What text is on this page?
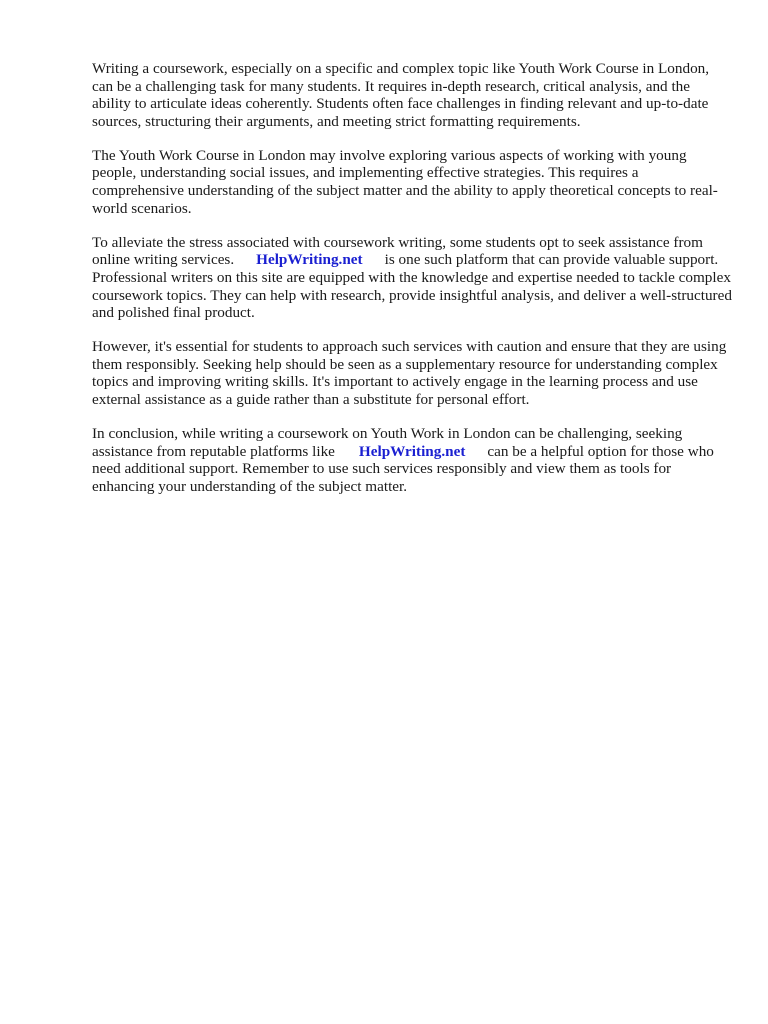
Writing a coursework, especially on a specific and complex topic like Youth Work Course in London, can be a challenging task for many students. It requires in-depth research, critical analysis, and the ability to articulate ideas coherently. Students often face challenges in finding relevant and up-to-date sources, structuring their arguments, and meeting strict formatting requirements.

The Youth Work Course in London may involve exploring various aspects of working with young people, understanding social issues, and implementing effective strategies. This requires a comprehensive understanding of the subject matter and the ability to apply theoretical concepts to real-world scenarios.

To alleviate the stress associated with coursework writing, some students opt to seek assistance from online writing services. HelpWriting.net is one such platform that can provide valuable support. Professional writers on this site are equipped with the knowledge and expertise needed to tackle complex coursework topics. They can help with research, provide insightful analysis, and deliver a well-structured and polished final product.

However, it's essential for students to approach such services with caution and ensure that they are using them responsibly. Seeking help should be seen as a supplementary resource for understanding complex topics and improving writing skills. It's important to actively engage in the learning process and use external assistance as a guide rather than a substitute for personal effort.

In conclusion, while writing a coursework on Youth Work in London can be challenging, seeking assistance from reputable platforms like HelpWriting.net can be a helpful option for those who need additional support. Remember to use such services responsibly and view them as tools for enhancing your understanding of the subject matter.
